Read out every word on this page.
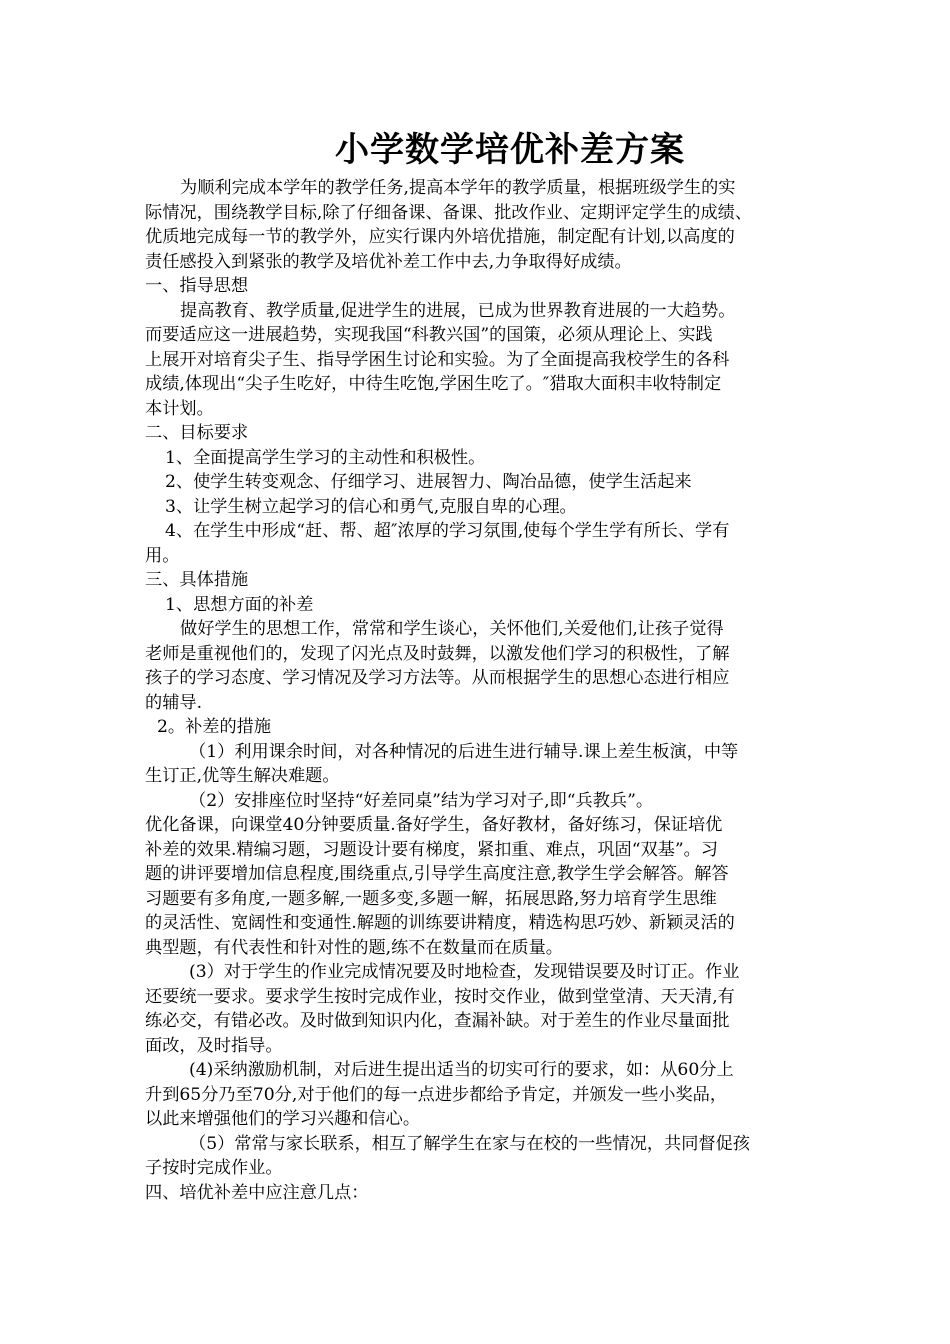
小学数学培优补差方案
为顺利完成本学年的教学任务,提高本学年的教学质量，根据班级学生的实
际情况，围绕教学目标,除了仔细备课、备课、批改作业、定期评定学生的成绩、
优质地完成每一节的教学外，应实行课内外培优措施，制定配有计划,以高度的
责任感投入到紧张的教学及培优补差工作中去,力争取得好成绩。
一、指导思想
提高教育、教学质量,促进学生的进展，已成为世界教育进展的一大趋势。
而要适应这一进展趋势，实现我国“科教兴国”的国策，必须从理论上、实践
上展开对培育尖子生、指导学困生讨论和实验。为了全面提高我校学生的各科
成绩,体现出“尖子生吃好，中待生吃饱,学困生吃了。″猎取大面积丰收特制定
本计划。
二、目标要求
1、全面提高学生学习的主动性和积极性。
2、使学生转变观念、仔细学习、进展智力、陶冶品德，使学生活起来
3、让学生树立起学习的信心和勇气,克服自卑的心理。
4、在学生中形成“赶、帮、超″浓厚的学习氛围,使每个学生学有所长、学有
用。
三、具体措施
1、思想方面的补差
做好学生的思想工作，常常和学生谈心，关怀他们,关爱他们,让孩子觉得
老师是重视他们的，发现了闪光点及时鼓舞，以激发他们学习的积极性，了解
孩子的学习态度、学习情况及学习方法等。从而根据学生的思想心态进行相应
的辅导.
2。补差的措施
（1）利用课余时间，对各种情况的后进生进行辅导.课上差生板演，中等
生订正,优等生解决难题。
（2）安排座位时坚持“好差同桌”结为学习对子,即“兵教兵”。
优化备课，向课堂40分钟要质量.备好学生，备好教材，备好练习，保证培优
补差的效果.精编习题，习题设计要有梯度，紧扣重、难点，巩固“双基”。习
题的讲评要增加信息程度,围绕重点,引导学生高度注意,教学生学会解答。解答
习题要有多角度,一题多解,一题多变,多题一解，拓展思路,努力培育学生思维
的灵活性、宽阔性和变通性.解题的训练要讲精度，精选构思巧妙、新颖灵活的
典型题，有代表性和针对性的题,练不在数量而在质量。
(3）对于学生的作业完成情况要及时地检查，发现错误要及时订正。作业
还要统一要求。要求学生按时完成作业，按时交作业，做到堂堂清、天天清,有
练必交，有错必改。及时做到知识内化，查漏补缺。对于差生的作业尽量面批
面改，及时指导。
(4)采纳激励机制，对后进生提出适当的切实可行的要求，如：从60分上
升到65分乃至70分,对于他们的每一点进步都给予肯定，并颁发一些小奖品，
以此来增强他们的学习兴趣和信心。
（5）常常与家长联系，相互了解学生在家与在校的一些情况，共同督促孩
子按时完成作业。
四、培优补差中应注意几点：
